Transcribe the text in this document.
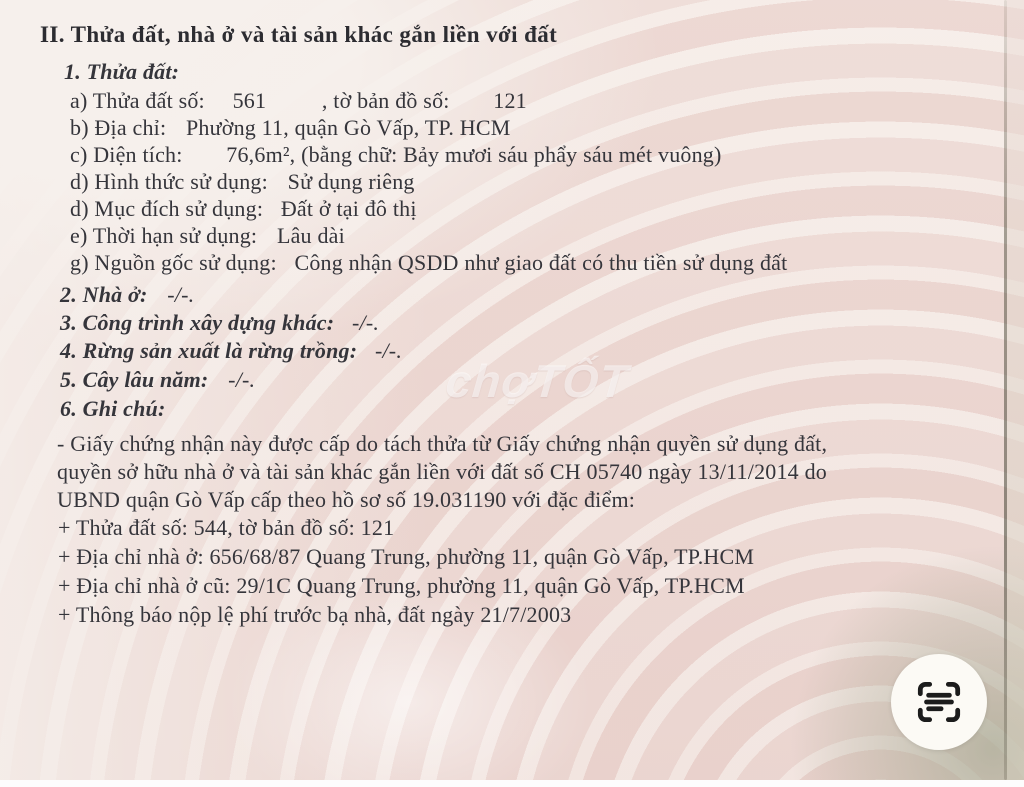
II. Thửa đất, nhà ở và tài sản khác gắn liền với đất
1. Thửa đất:
a) Thửa đất số: 561	, tờ bản đồ số: 121
b) Địa chỉ: Phường 11, quận Gò Vấp, TP. HCM
c) Diện tích: 76,6m², (bằng chữ: Bảy mươi sáu phẩy sáu mét vuông)
d) Hình thức sử dụng: Sử dụng riêng
d) Mục đích sử dụng: Đất ở tại đô thị
e) Thời hạn sử dụng: Lâu dài
g) Nguồn gốc sử dụng: Công nhận QSDD như giao đất có thu tiền sử dụng đất
2. Nhà ở: -/-.
3. Công trình xây dựng khác: -/-.
4. Rừng sản xuất là rừng trồng: -/-.
5. Cây lâu năm: -/-.
6. Ghi chú:
- Giấy chứng nhận này được cấp do tách thửa từ Giấy chứng nhận quyền sử dụng đất,
quyền sở hữu nhà ở và tài sản khác gắn liền với đất số CH 05740 ngày 13/11/2014 do
UBND quận Gò Vấp cấp theo hồ sơ số 19.031190 với đặc điểm:
+ Thửa đất số: 544, tờ bản đồ số: 121
+ Địa chỉ nhà ở: 656/68/87 Quang Trung, phường 11, quận Gò Vấp, TP.HCM
+ Địa chỉ nhà ở cũ: 29/1C Quang Trung, phường 11, quận Gò Vấp, TP.HCM
+ Thông báo nộp lệ phí trước bạ nhà, đất ngày 21/7/2003
chợTỐT
